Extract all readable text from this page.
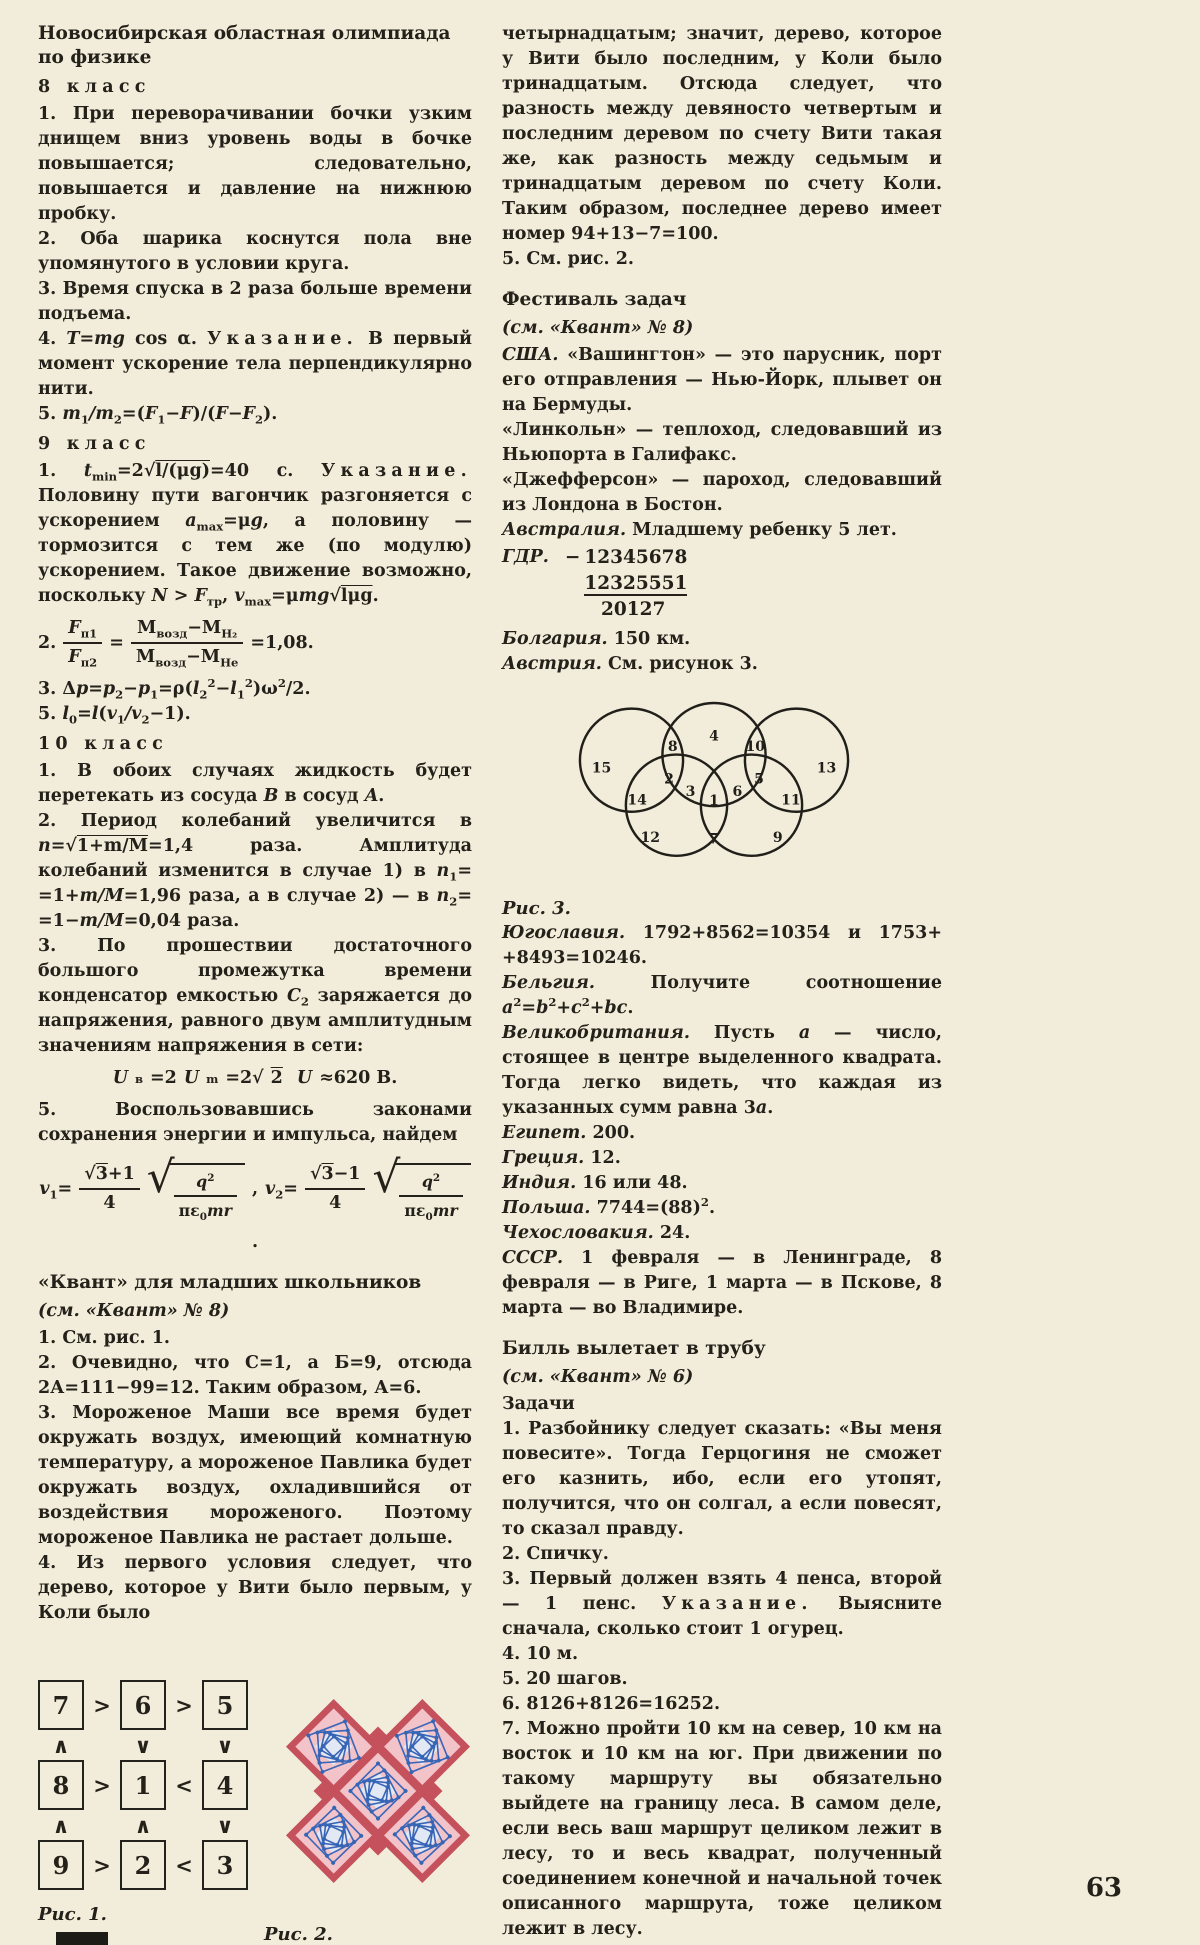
Новосибирская областная олимпиада по физике
8 класс

1. При переворачивании бочки узким днищем вниз уровень воды в бочке повышается; следовательно, повышается и давление на нижнюю пробку.

2. Оба шарика коснутся пола вне упомянутого в условии круга.

3. Время спуска в 2 раза больше времени подъема.

4. T=mg cos α. Указание. В первый момент ускорение тела перпендикулярно нити.

5. $m_1/m_2=(F_1-F)/(F-F_2)$.

9 класс

1. $t_{min}=2√l/(\mu g)=40$ с. Указание. Половину пути вагончик разгоняется с ускорением $a_{max}=\mu g$, а половину — тормозится с тем же (по модулю) ускорением. Такое движение возможно, поскольку $N > F_{тр}$, $v_{max}=\mu mg√l\mu g$.

2. $\frac{F_{п1}}{F_{п2}} = \frac{М_{возд}-М_{Н_2}}{М_{возд}-М_{Не}} =1,08$.

3. $\Delta p=p_2-p_1=\rho(l_2^2-l_1^2)\omega^2/2$.

5. $l_0=l(v_1/v_2-1)$.

10 класс

1. В обоих случаях жидкость будет перетекать из сосуда B в сосуд A.

2. Период колебаний увеличится в n=√1+m/M=1,4 раза. Амплитуда колебаний изменится в случае 1) в $n_1= =1+m/M=1,96$ раза, а в случае 2) — в $n_2= =1-m/M=0,04$ раза.

3. По прошествии достаточного большого промежутка времени конденсатор емкостью $C_2$ заряжается до напряжения, равного двум амплитудным значениям напряжения в сети:

U в =2 U m =2√ 2 U ≈620 В.

5. Воспользовавшись законами сохранения энергии и импульса, найдем

$v_1= \frac{√3+1}{4}$ √ $\frac{q^2}{\pi\varepsilon_0mr}$ , $v_2= \frac{√3-1}{4}$ √ $\frac{q^2}{\pi\varepsilon_0mr}$
.
«Квант» для младших школьников

(см. «Квант» № 8)

1. См. рис. 1.

2. Очевидно, что С=1, а Б=9, отсюда 2А=111−99=12. Таким образом, А=6.

3. Мороженое Маши все время будет окружать воздух, имеющий комнатную температуру, а мороженое Павлика будет окружать воздух, охладившийся от воздействия мороженого. Поэтому мороженое Павлика не растает дольше.

4. Из первого условия следует, что дерево, которое у Вити было первым, у Коли было

7	> 6	> 5
∧	∨	∨
8	> 1	< 4
∧	∧	∨
9	> 2	< 3
Рис. 1.
Рис. 2.

четырнадцатым; значит, дерево, которое у Вити было последним, у Коли было тринадцатым. Отсюда следует, что разность между девяносто четвертым и последним деревом по счету Вити такая же, как разность между седьмым и тринадцатым деревом по счету Коли. Таким образом, последнее дерево имеет номер 94+13−7=100.

5. См. рис. 2.

Фестиваль задач

(см. «Квант» № 8)

США. «Вашингтон» — это парусник, порт его отправления — Нью-Йорк, плывет он на Бермуды.

«Линкольн» — теплоход, следовавший из Ньюпорта в Галифакс.

«Джефферсон» — пароход, следовавший из Лондона в Бостон.

Австралия. Младшему ребенку 5 лет.

ГДР. − 12345678
12325551
20127

Болгария. 150 км.

Австрия. См. рисунок 3.

15
8
4
10
13
14
2
3
1
6
5
11
12	7	9
Рис. 3.

Югославия. 1792+8562=10354 и 1753+ +8493=10246.

Бельгия. Получите соотношение $a^2=b^2+c^2+bc$.

Великобритания. Пусть a — число, стоящее в центре выделенного квадрата. Тогда легко видеть, что каждая из указанных сумм равна 3a.

Египет. 200.

Греция. 12.

Индия. 16 или 48.

Польша. $7744=(88)^2$.

Чехословакия. 24.

СССР. 1 февраля — в Ленинграде, 8 февраля — в Риге, 1 марта — в Пскове, 8 марта — во Владимире.

Билль вылетает в трубу

(см. «Квант» № 6)

Задачи

1. Разбойнику следует сказать: «Вы меня повесите». Тогда Герцогиня не сможет его казнить, ибо, если его утопят, получится, что он солгал, а если повесят, то сказал правду.

2. Спичку.

3. Первый должен взять 4 пенса, второй — 1 пенс. Указание. Выясните сначала, сколько стоит 1 огурец.

4. 10 м.

5. 20 шагов.

6. 8126+8126=16252.

7. Можно пройти 10 км на север, 10 км на восток и 10 км на юг. При движении по такому маршруту вы обязательно выйдете на границу леса. В самом деле, если весь ваш маршрут целиком лежит в лесу, то и весь квадрат, полученный соединением конечной и начальной точек описанного маршрута, тоже целиком лежит в лесу.

63
